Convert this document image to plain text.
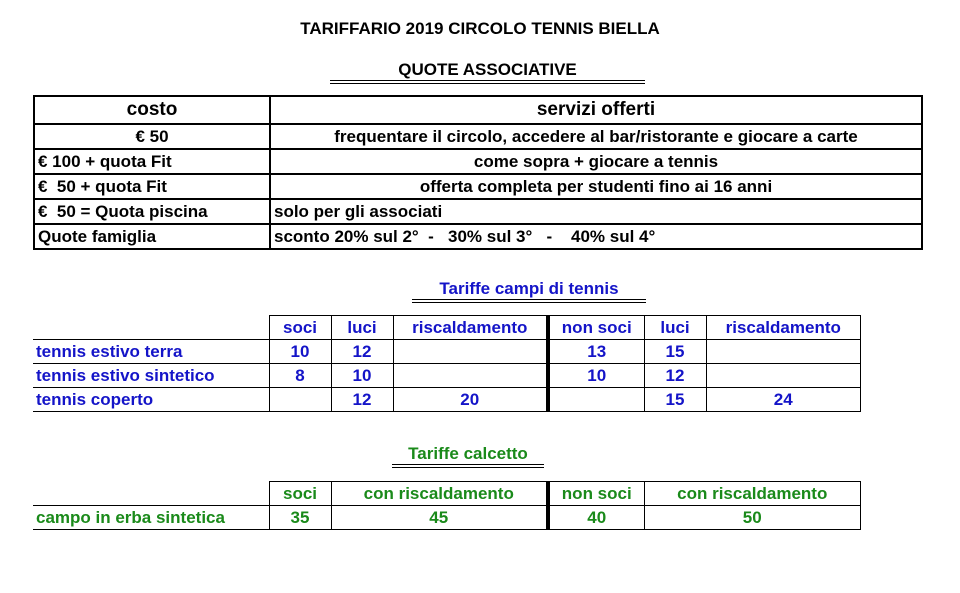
TARIFFARIO 2019 CIRCOLO TENNIS BIELLA
QUOTE ASSOCIATIVE
costo	servizi offerti
€ 50	frequentare il circolo, accedere al bar/ristorante e giocare a carte
€ 100 + quota Fit	come sopra + giocare a tennis
€  50 + quota Fit	offerta completa per studenti fino ai 16 anni
€  50 = Quota piscina	solo per gli associati
Quote famiglia	sconto 20% sul 2°  -   30% sul 3°   -    40% sul 4°
Tariffe campi di tennis
	soci	luci	riscaldamento	non soci	luci	riscaldamento
tennis estivo terra	10	12		13	15	
tennis estivo sintetico	8	10		10	12	
tennis coperto		12	20		15	24
Tariffe calcetto
	soci	con riscaldamento	non soci	con riscaldamento
campo in erba sintetica	35	45	40	50
